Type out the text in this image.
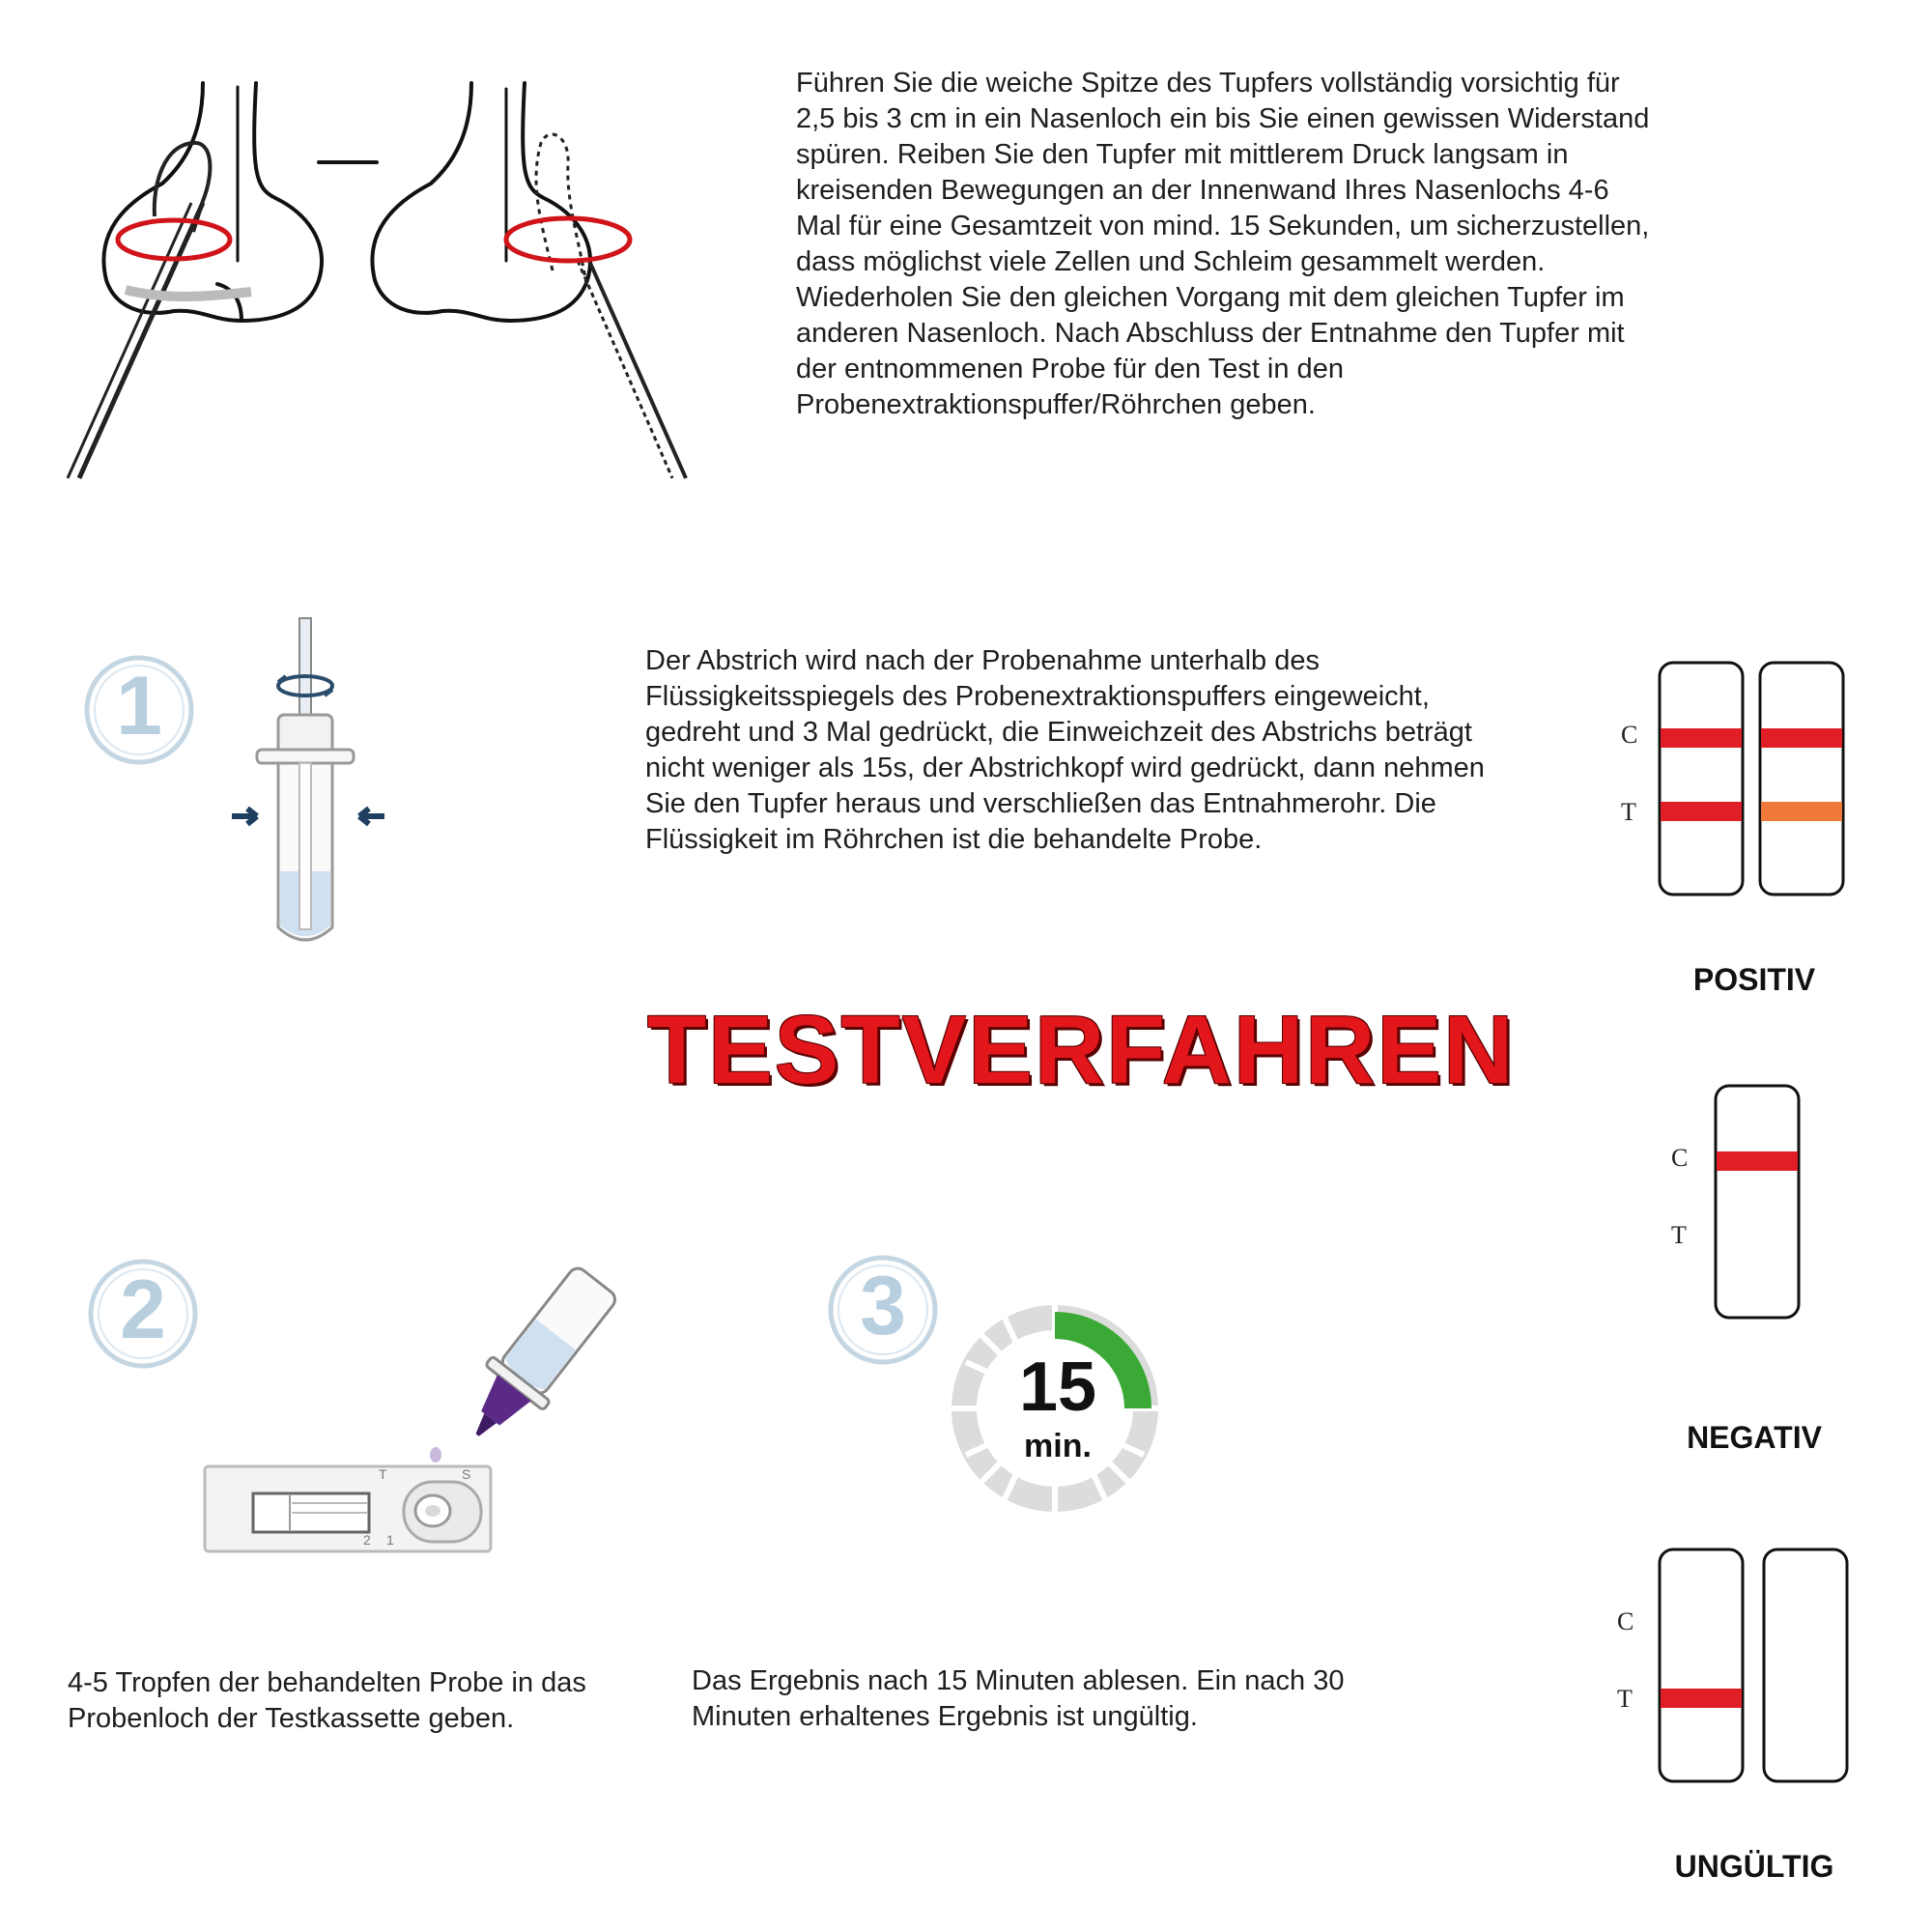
Führen Sie die weiche Spitze des Tupfers vollständig vorsichtig für 2,5 bis 3 cm in ein Nasenloch ein bis Sie einen gewissen Widerstand spüren. Reiben Sie den Tupfer mit mittlerem Druck langsam in kreisenden Bewegungen an der Innenwand Ihres Nasenlochs 4-6 Mal für eine Gesamtzeit von mind. 15 Sekunden, um sicherzustellen, dass möglichst viele Zellen und Schleim gesammelt werden. Wiederholen Sie den gleichen Vorgang mit dem gleichen Tupfer im anderen Nasenloch. Nach Abschluss der Entnahme den Tupfer mit der entnommenen Probe für den Test in den Probenextraktionspuffer/Röhrchen geben.
1	Der Abstrich wird nach der Probenahme unterhalb des Flüssigkeitsspiegels des Probenextraktionspuffers eingeweicht, gedreht und 3 Mal gedrückt, die Einweichzeit des Abstrichs beträgt nicht weniger als 15s, der Abstrichkopf wird gedrückt, dann nehmen Sie den Tupfer heraus und verschließen das Entnahmerohr. Die Flüssigkeit im Röhrchen ist die behandelte Probe.
C
T
POSITIV
TESTVERFAHREN
C
T
NEGATIV
2
T	S
2 1
4-5 Tropfen der behandelten Probe in das Probenloch der Testkassette geben.
3
15
min.
Das Ergebnis nach 15 Minuten ablesen. Ein nach 30 Minuten erhaltenes Ergebnis ist ungültig.
C
T
UNGÜLTIG
